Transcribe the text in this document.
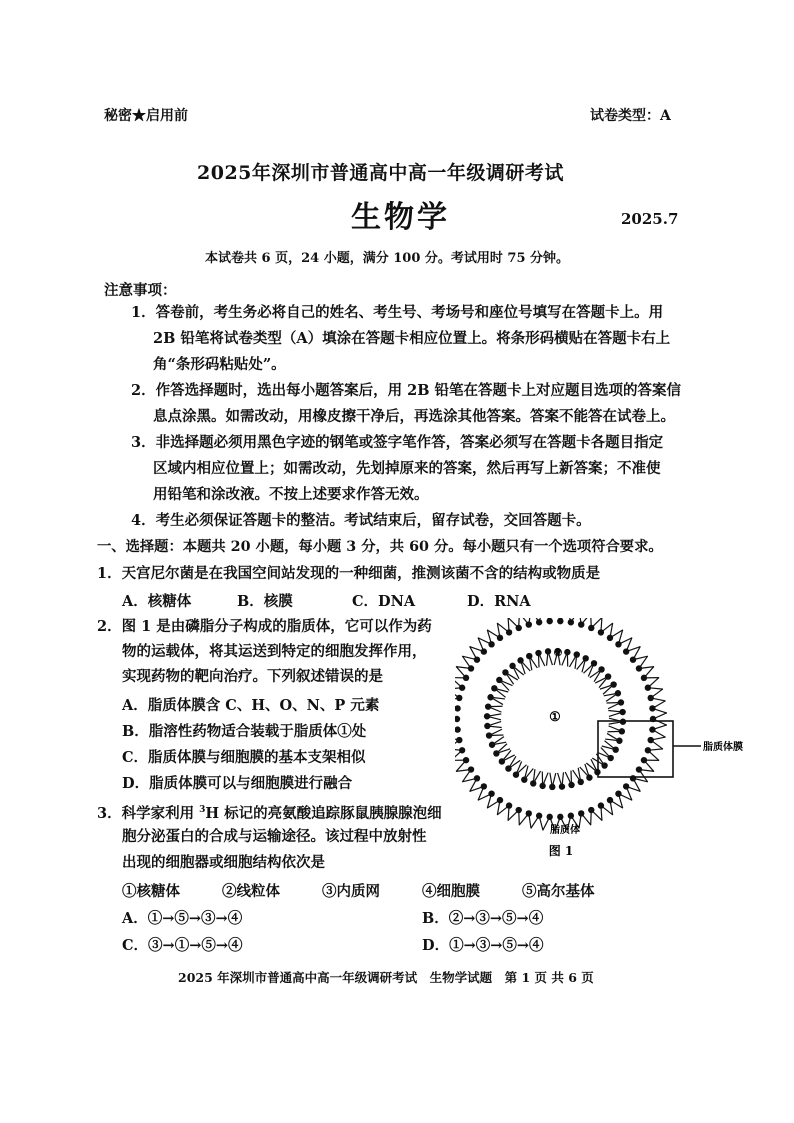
秘密★启用前	试卷类型：A
2025年深圳市普通高中高一年级调研考试
生物学	2025.7
本试卷共 6 页，24 小题，满分 100 分。考试用时 75 分钟。
注意事项：
1．答卷前，考生务必将自己的姓名、考生号、考场号和座位号填写在答题卡上。用
2B 铅笔将试卷类型（A）填涂在答题卡相应位置上。将条形码横贴在答题卡右上
角“条形码粘贴处”。
2．作答选择题时，选出每小题答案后，用 2B 铅笔在答题卡上对应题目选项的答案信
息点涂黑。如需改动，用橡皮擦干净后，再选涂其他答案。答案不能答在试卷上。
3．非选择题必须用黑色字迹的钢笔或签字笔作答，答案必须写在答题卡各题目指定
区域内相应位置上；如需改动，先划掉原来的答案，然后再写上新答案；不准使
用铅笔和涂改液。不按上述要求作答无效。
4．考生必须保证答题卡的整洁。考试结束后，留存试卷，交回答题卡。
一、选择题：本题共 20 小题，每小题 3 分，共 60 分。每小题只有一个选项符合要求。
1．天宫尼尔菌是在我国空间站发现的一种细菌，推测该菌不含的结构或物质是
A．核糖体	B．核膜	C．DNA	D．RNA
2．图 1 是由磷脂分子构成的脂质体，它可以作为药
物的运载体，将其运送到特定的细胞发挥作用，
实现药物的靶向治疗。下列叙述错误的是
A．脂质体膜含 C、H、O、N、P 元素
B．脂溶性药物适合装载于脂质体①处
C．脂质体膜与细胞膜的基本支架相似
D．脂质体膜可以与细胞膜进行融合
3．科学家利用 $^3$H 标记的亮氨酸追踪豚鼠胰腺腺泡细
胞分泌蛋白的合成与运输途径。该过程中放射性
出现的细胞器或细胞结构依次是
①核糖体	②线粒体	③内质网	④细胞膜	⑤高尔基体
A．①→⑤→③→④	B．②→③→⑤→④
C．③→①→⑤→④	D．①→③→⑤→④
①
②
脂质体膜
脂质体
图 1
2025 年深圳市普通高中高一年级调研考试　生物学试题　第 1 页 共 6 页
